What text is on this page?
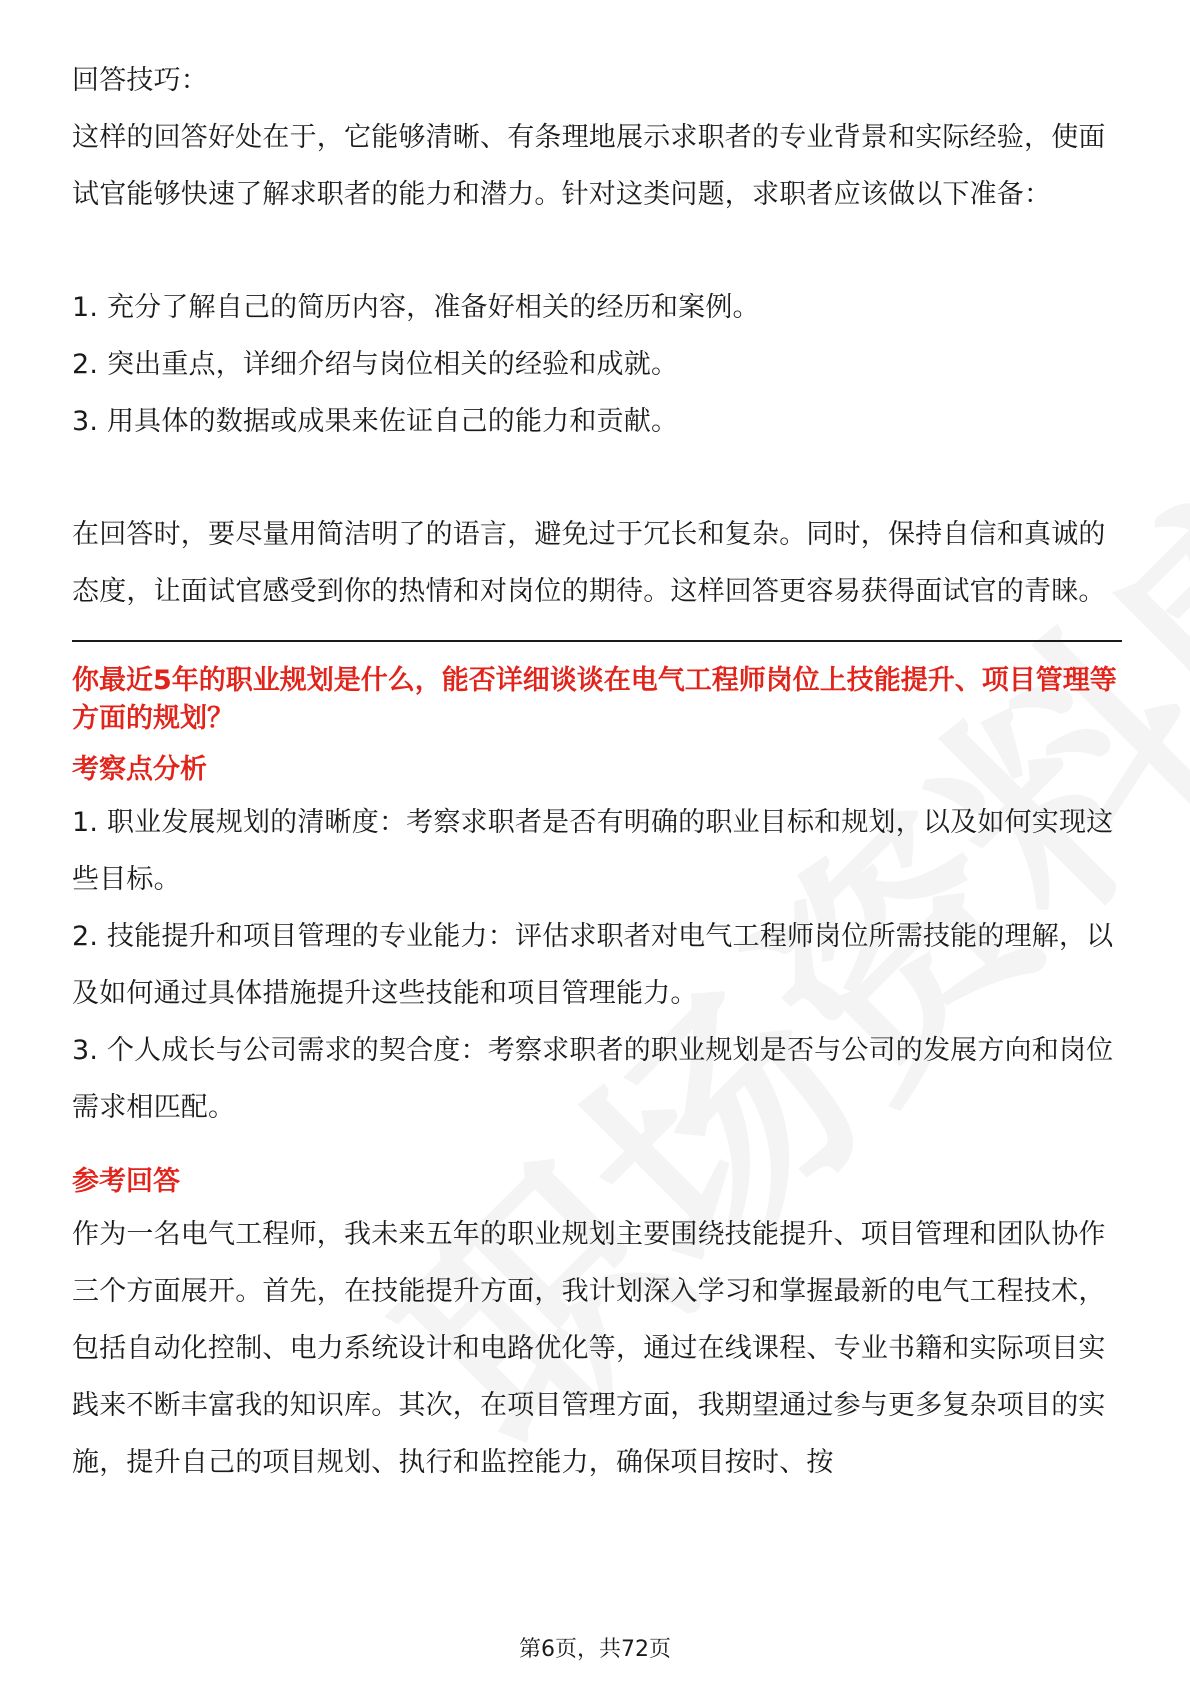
回答技巧：

这样的回答好处在于，它能够清晰、有条理地展示求职者的专业背景和实际经验，使面试官能够快速了解求职者的能力和潜力。针对这类问题，求职者应该做以下准备：

1. 充分了解自己的简历内容，准备好相关的经历和案例。

2. 突出重点，详细介绍与岗位相关的经验和成就。

3. 用具体的数据或成果来佐证自己的能力和贡献。

在回答时，要尽量用简洁明了的语言，避免过于冗长和复杂。同时，保持自信和真诚的态度，让面试官感受到你的热情和对岗位的期待。这样回答更容易获得面试官的青睐。

你最近5年的职业规划是什么，能否详细谈谈在电气工程师岗位上技能提升、项目管理等方面的规划？

考察点分析

1. 职业发展规划的清晰度：考察求职者是否有明确的职业目标和规划，以及如何实现这些目标。

2. 技能提升和项目管理的专业能力：评估求职者对电气工程师岗位所需技能的理解，以及如何通过具体措施提升这些技能和项目管理能力。

3. 个人成长与公司需求的契合度：考察求职者的职业规划是否与公司的发展方向和岗位需求相匹配。

参考回答

作为一名电气工程师，我未来五年的职业规划主要围绕技能提升、项目管理和团队协作三个方面展开。首先，在技能提升方面，我计划深入学习和掌握最新的电气工程技术，包括自动化控制、电力系统设计和电路优化等，通过在线课程、专业书籍和实际项目实践来不断丰富我的知识库。其次，在项目管理方面，我期望通过参与更多复杂项目的实施，提升自己的项目规划、执行和监控能力，确保项目按时、按

第6页，共72页
